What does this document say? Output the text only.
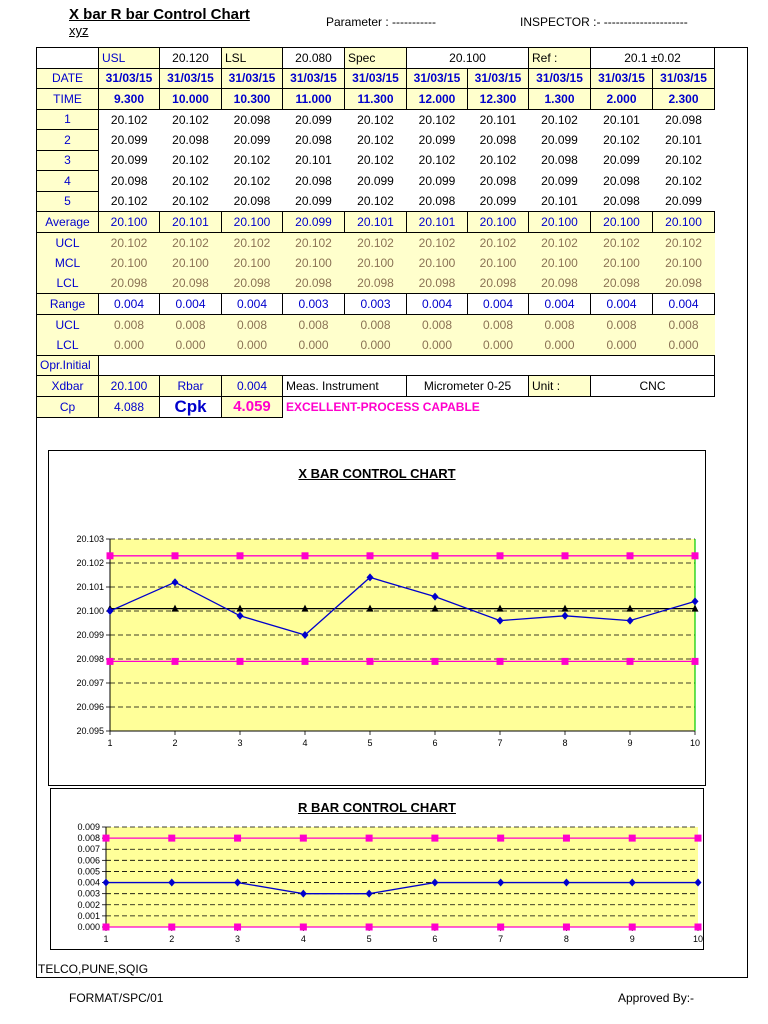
X bar R bar Control Chart
xyz
Parameter : -----------	INSPECTOR :- ---------------------
	USL	20.120	LSL	20.080	Spec	20.100		Ref :	20.1 ±0.02	
DATE	31/03/15	31/03/15	31/03/15	31/03/15	31/03/15	31/03/15	31/03/15	31/03/15	31/03/15	31/03/15
TIME	9.300	10.000	10.300	11.000	11.300	12.000	12.300	1.300	2.000	2.300
1	20.102	20.102	20.098	20.099	20.102	20.102	20.101	20.102	20.101	20.098
2	20.099	20.098	20.099	20.098	20.102	20.099	20.098	20.099	20.102	20.101
3	20.099	20.102	20.102	20.101	20.102	20.102	20.102	20.098	20.099	20.102
4	20.098	20.102	20.102	20.098	20.099	20.099	20.098	20.099	20.098	20.102
5	20.102	20.102	20.098	20.099	20.102	20.098	20.099	20.101	20.098	20.099
Average	20.100	20.101	20.100	20.099	20.101	20.101	20.100	20.100	20.100	20.100
UCL	20.102	20.102	20.102	20.102	20.102	20.102	20.102	20.102	20.102	20.102
MCL	20.100	20.100	20.100	20.100	20.100	20.100	20.100	20.100	20.100	20.100
LCL	20.098	20.098	20.098	20.098	20.098	20.098	20.098	20.098	20.098	20.098
Range	0.004	0.004	0.004	0.003	0.003	0.004	0.004	0.004	0.004	0.004
UCL	0.008	0.008	0.008	0.008	0.008	0.008	0.008	0.008	0.008	0.008
LCL	0.000	0.000	0.000	0.000	0.000	0.000	0.000	0.000	0.000	0.000
Opr.Initial										
Xdbar	20.100	Rbar	0.004	Meas. Instrument		Micrometer 0-25		Unit :	CNC	
Cp	4.088	Cpk	4.059	EXCELLENT-PROCESS CAPABLE						
X BAR CONTROL CHART
20.095
20.096
20.097
20.098
20.099
20.100
20.101
20.102
20.103
1	2	3	4	5	6	7	8	9	10
R BAR CONTROL CHART
0.000
0.001
0.002
0.003
0.004
0.005
0.006
0.007
0.008
0.009
1	2	3	4	5	6	7	8	9	10
TELCO,PUNE,SQIG
FORMAT/SPC/01	Approved By:-
